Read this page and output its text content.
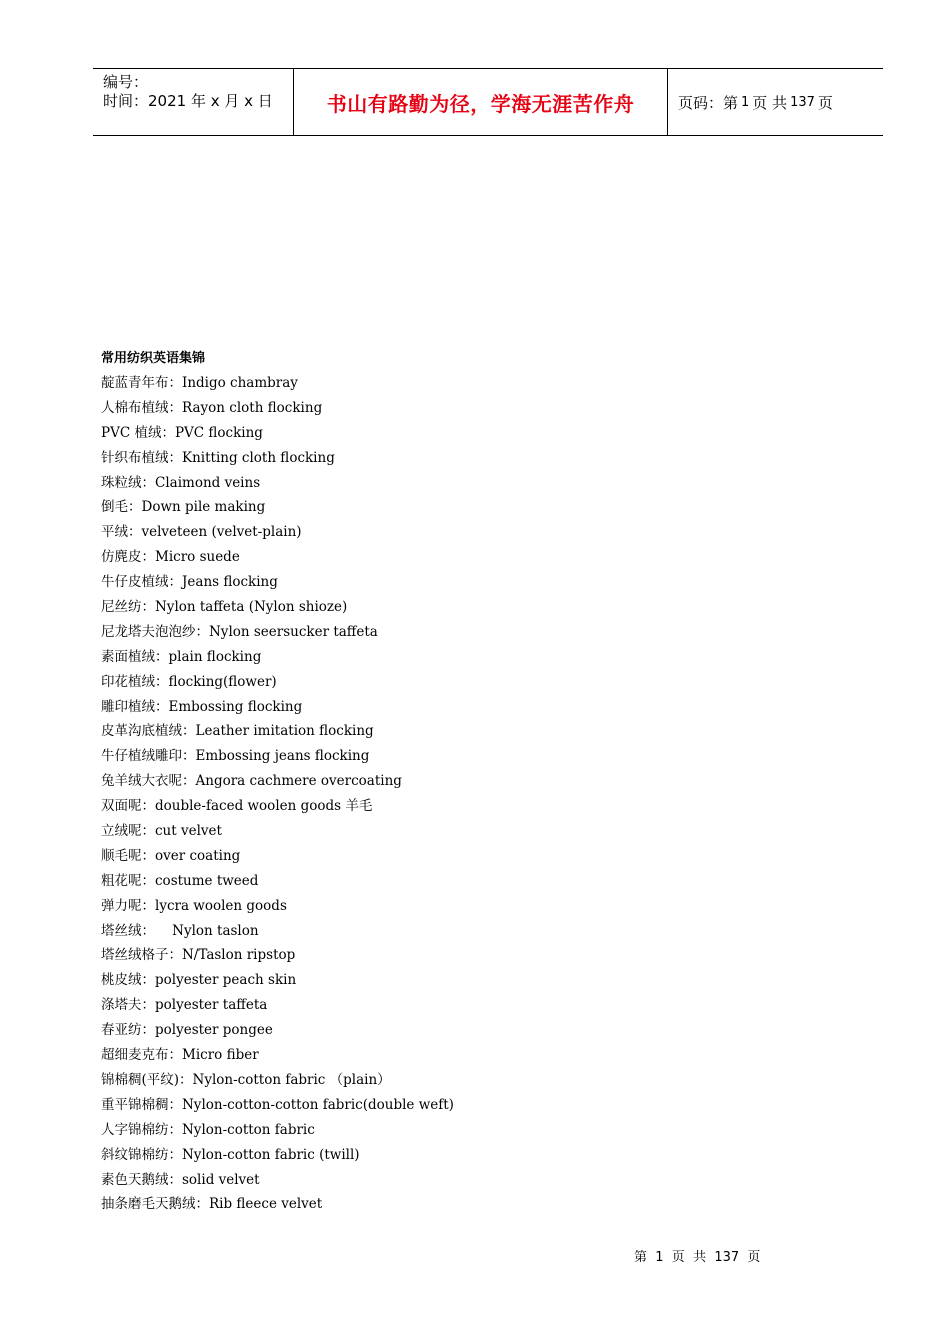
编号：
时间：2021 年 x 月 x 日	书山有路勤为径，学海无涯苦作舟	页码：第 1 页 共 137 页
常用纺织英语集锦
靛蓝青年布：Indigo chambray
人棉布植绒：Rayon cloth flocking
PVC 植绒：PVC flocking
针织布植绒：Knitting cloth flocking
珠粒绒：Claimond veins
倒毛：Down pile making
平绒：velveteen (velvet-plain)
仿麂皮：Micro suede
牛仔皮植绒：Jeans flocking
尼丝纺：Nylon taffeta (Nylon shioze)
尼龙塔夫泡泡纱：Nylon seersucker taffeta
素面植绒：plain flocking
印花植绒：flocking(flower)
雕印植绒：Embossing flocking
皮革沟底植绒：Leather imitation flocking
牛仔植绒雕印：Embossing jeans flocking
兔羊绒大衣呢：Angora cachmere overcoating
双面呢：double-faced woolen goods 羊毛
立绒呢：cut velvet
顺毛呢：over coating
粗花呢：costume tweed
弹力呢：lycra woolen goods
塔丝绒：    Nylon taslon
塔丝绒格子：N/Taslon ripstop
桃皮绒：polyester peach skin
涤塔夫：polyester taffeta
春亚纺：polyester pongee
超细麦克布：Micro fiber
锦棉稠(平纹)：Nylon-cotton fabric （plain）
重平锦棉稠：Nylon-cotton-cotton fabric(double weft)
人字锦棉纺：Nylon-cotton fabric
斜纹锦棉纺：Nylon-cotton fabric (twill)
素色天鹅绒：solid velvet
抽条磨毛天鹅绒：Rib fleece velvet
第  1  页  共  137  页
